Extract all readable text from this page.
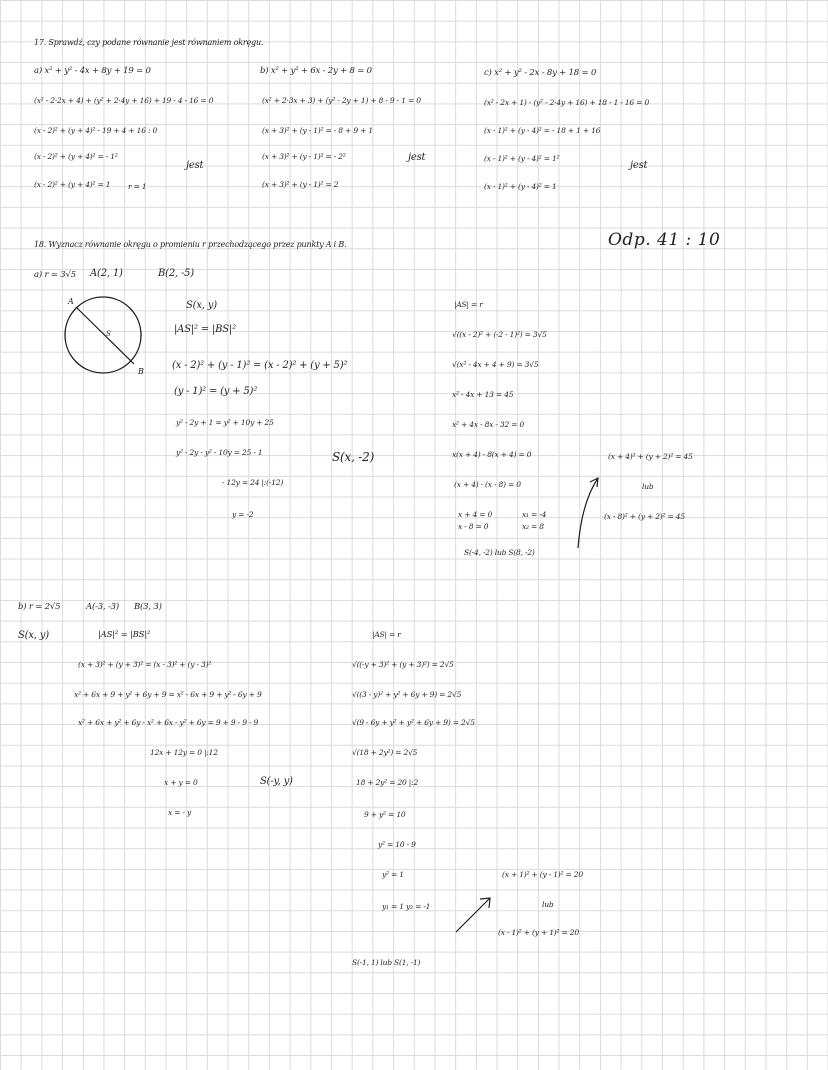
17. Sprawdź, czy podane równanie jest równaniem okręgu.
a) x² + y² - 4x + 8y + 19 = 0
(x² - 2·2x + 4) + (y² + 2·4y + 16) + 19 - 4 - 16 = 0
(x - 2)² + (y + 4)² - 19 + 4 + 16 : 0
(x - 2)² + (y + 4)² = - 1²
(x - 2)² + (y + 4)² = 1 r = 1
jest
b) x² + y² + 6x - 2y + 8 = 0
(x² + 2·3x + 3) + (y² - 2y + 1) + 8 - 9 - 1 = 0
(x + 3)² + (y - 1)² = - 8 + 9 + 1
(x + 3)² + (y - 1)² = - 2²
(x + 3)² + (y - 1)² = 2
jest
c) x² + y² - 2x - 8y + 18 = 0
(x² - 2x + 1) - (y² - 2·4y + 16) + 18 - 1 - 16 = 0
(x - 1)² + (y - 4)² = - 18 + 1 + 16
(x - 1)² + (y - 4)² = 1²
(x - 1)² + (y - 4)² = 1
jest
Odp. 41 : 10
18. Wyznacz równanie okręgu o promieniu r przechodzącego przez punkty A i B.
a) r = 3√5 A(2, 1)	B(2, -5)
A
B
S
S(x, y)
|AS|² = |BS|²
(x - 2)² + (y - 1)² = (x - 2)² + (y + 5)²
(y - 1)² = (y + 5)²
y² - 2y + 1 = y² + 10y + 25
y² - 2y - y² - 10y = 25 - 1
- 12y = 24 |:(-12)
y = -2
S(x, -2)
|AS| = r
√((x - 2)² + (-2 - 1)²) = 3√5
√(x² - 4x + 4 + 9) = 3√5
x² - 4x + 13 = 45
x² + 4x - 8x - 32 = 0
x(x + 4) - 8(x + 4) = 0
(x + 4) · (x - 8) = 0
x + 4 = 0
x - 8 = 0
x₁ = -4
x₂ = 8
S(-4, -2) lub S(8, -2)
(x + 4)² + (y + 2)² = 45
lub
(x - 8)² + (y + 2)² = 45
b) r = 2√5	A(-3, -3) B(3, 3)
S(x, y)	|AS|² = |BS|²
(x + 3)² + (y + 3)² = (x - 3)² + (y - 3)²
x² + 6x + 9 + y² + 6y + 9 = x² - 6x + 9 + y² - 6y + 9
x² + 6x + y² + 6y - x² + 6x - y² + 6y = 9 + 9 - 9 - 9
12x + 12y = 0 |:12
x + y = 0
x = - y
S(-y, y)
|AS| = r
√((-y + 3)² + (y + 3)²) = 2√5
√((3 - y)² + y² + 6y + 9) = 2√5
√(9 - 6y + y² + y² + 6y + 9) = 2√5
√(18 + 2y²) = 2√5
18 + 2y² = 20 |:2
9 + y² = 10
y² = 10 - 9
y² = 1
y₁ = 1 y₂ = -1
S(-1, 1) lub S(1, -1)
(x + 1)² + (y - 1)² = 20
lub
(x - 1)² + (y + 1)² = 20
